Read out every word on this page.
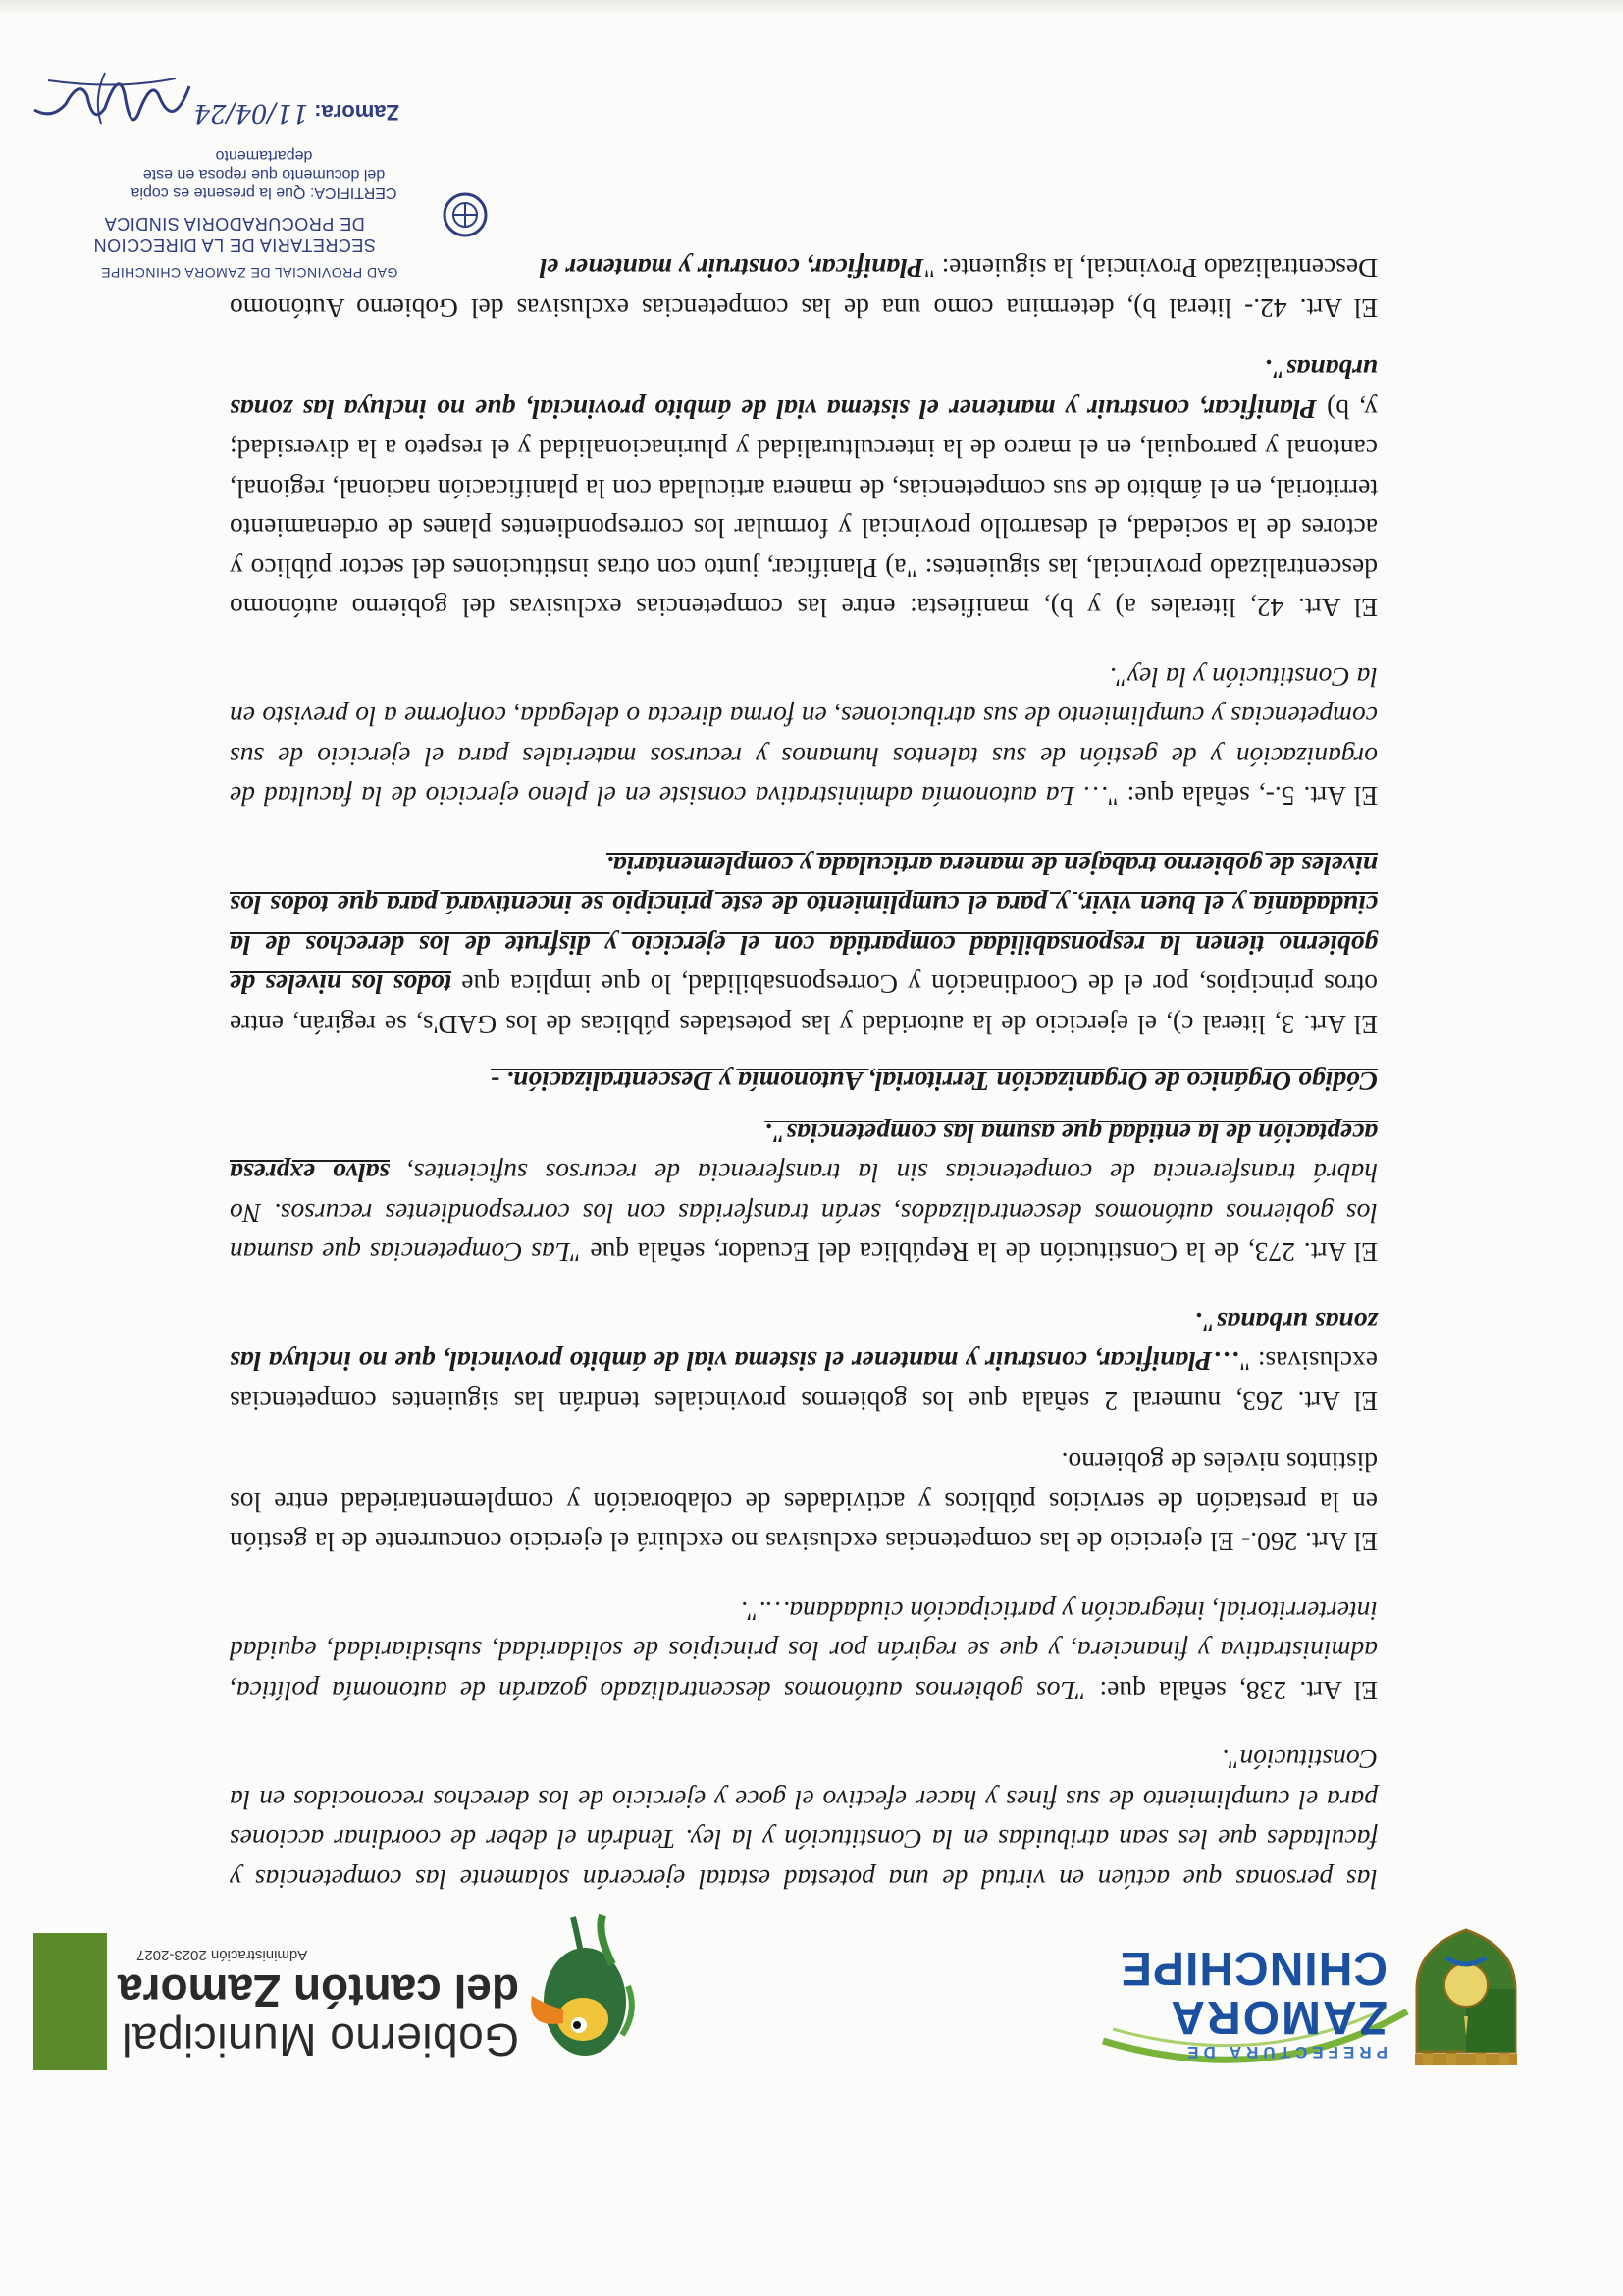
PREFECTURA DE
ZAMORA
CHINCHIPE
Gobierno Municipal
del cantón Zamora
Administración 2023-2027

las personas que actúen en virtud de una potestad estatal ejercerán solamente las competencias y facultades que les sean atribuidas en la Constitución y la ley. Tendrán el deber de coordinar acciones para el cumplimiento de sus fines y hacer efectivo el goce y ejercicio de los derechos reconocidos en la Constitución".

El Art. 238, señala que: "Los gobiernos autónomos descentralizado gozarán de autonomía política, administrativa y financiera, y que se regirán por los principios de solidaridad, subsidiaridad, equidad interterritorial, integración y participación ciudadana….".

El Art. 260.- El ejercicio de las competencias exclusivas no excluirá el ejercicio concurrente de la gestión en la prestación de servicios públicos y actividades de colaboración y complementariedad entre los distintos niveles de gobierno.

El Art. 263, numeral 2 señala que los gobiernos provinciales tendrán las siguientes competencias exclusivas: "…Planificar, construir y mantener el sistema vial de ámbito provincial, que no incluya las zonas urbanas".

El Art. 273, de la Constitución de la República del Ecuador, señala que "Las Competencias que asuman los gobiernos autónomos descentralizados, serán transferidas con los correspondientes recursos. No habrá transferencia de competencias sin la transferencia de recursos suficientes, salvo expresa aceptación de la entidad que asuma las competencias".

Código Orgánico de Organización Territorial, Autonomía y Descentralización. -

El Art. 3, literal c), el ejercicio de la autoridad y las potestades públicas de los GAD's, se regirán, entre otros principios, por el de Coordinación y Corresponsabilidad, lo que implica que todos los niveles de gobierno tienen la responsabilidad compartida con el ejercicio y disfrute de los derechos de la ciudadanía y el buen vivir, y para el cumplimiento de este principio se incentivará para que todos los niveles de gobierno trabajen de manera articulada y complementaria.

El Art. 5.-, señala que: "… La autonomía administrativa consiste en el pleno ejercicio de la facultad de organización y de gestión de sus talentos humanos y recursos materiales para el ejercicio de sus competencias y cumplimiento de sus atribuciones, en forma directa o delegada, conforme a lo previsto en la Constitución y la ley".

El Art. 42, literales a) y b), manifiesta: entre las competencias exclusivas del gobierno autónomo descentralizado provincial, las siguientes: "a) Planificar, junto con otras instituciones del sector público y actores de la sociedad, el desarrollo provincial y formular los correspondientes planes de ordenamiento territorial, en el ámbito de sus competencias, de manera articulada con la planificación nacional, regional, cantonal y parroquial, en el marco de la interculturalidad y plurinacionalidad y el respeto a la diversidad; y, b) Planificar, construir y mantener el sistema vial de ámbito provincial, que no incluya las zonas urbanas".

El Art. 42.- literal b), determina como una de las competencias exclusivas del Gobierno Autónomo Descentralizado Provincial, la siguiente: "Planificar, construir y mantener el

GAD PROVINCIAL DE ZAMORA CHINCHIPE
SECRETARIA DE LA DIRECCION
DE PROCURADORIA SINDICA
CERTIFICA: Que la presente es copia del documento que reposa en este departamento
Zamora:11/04/24
